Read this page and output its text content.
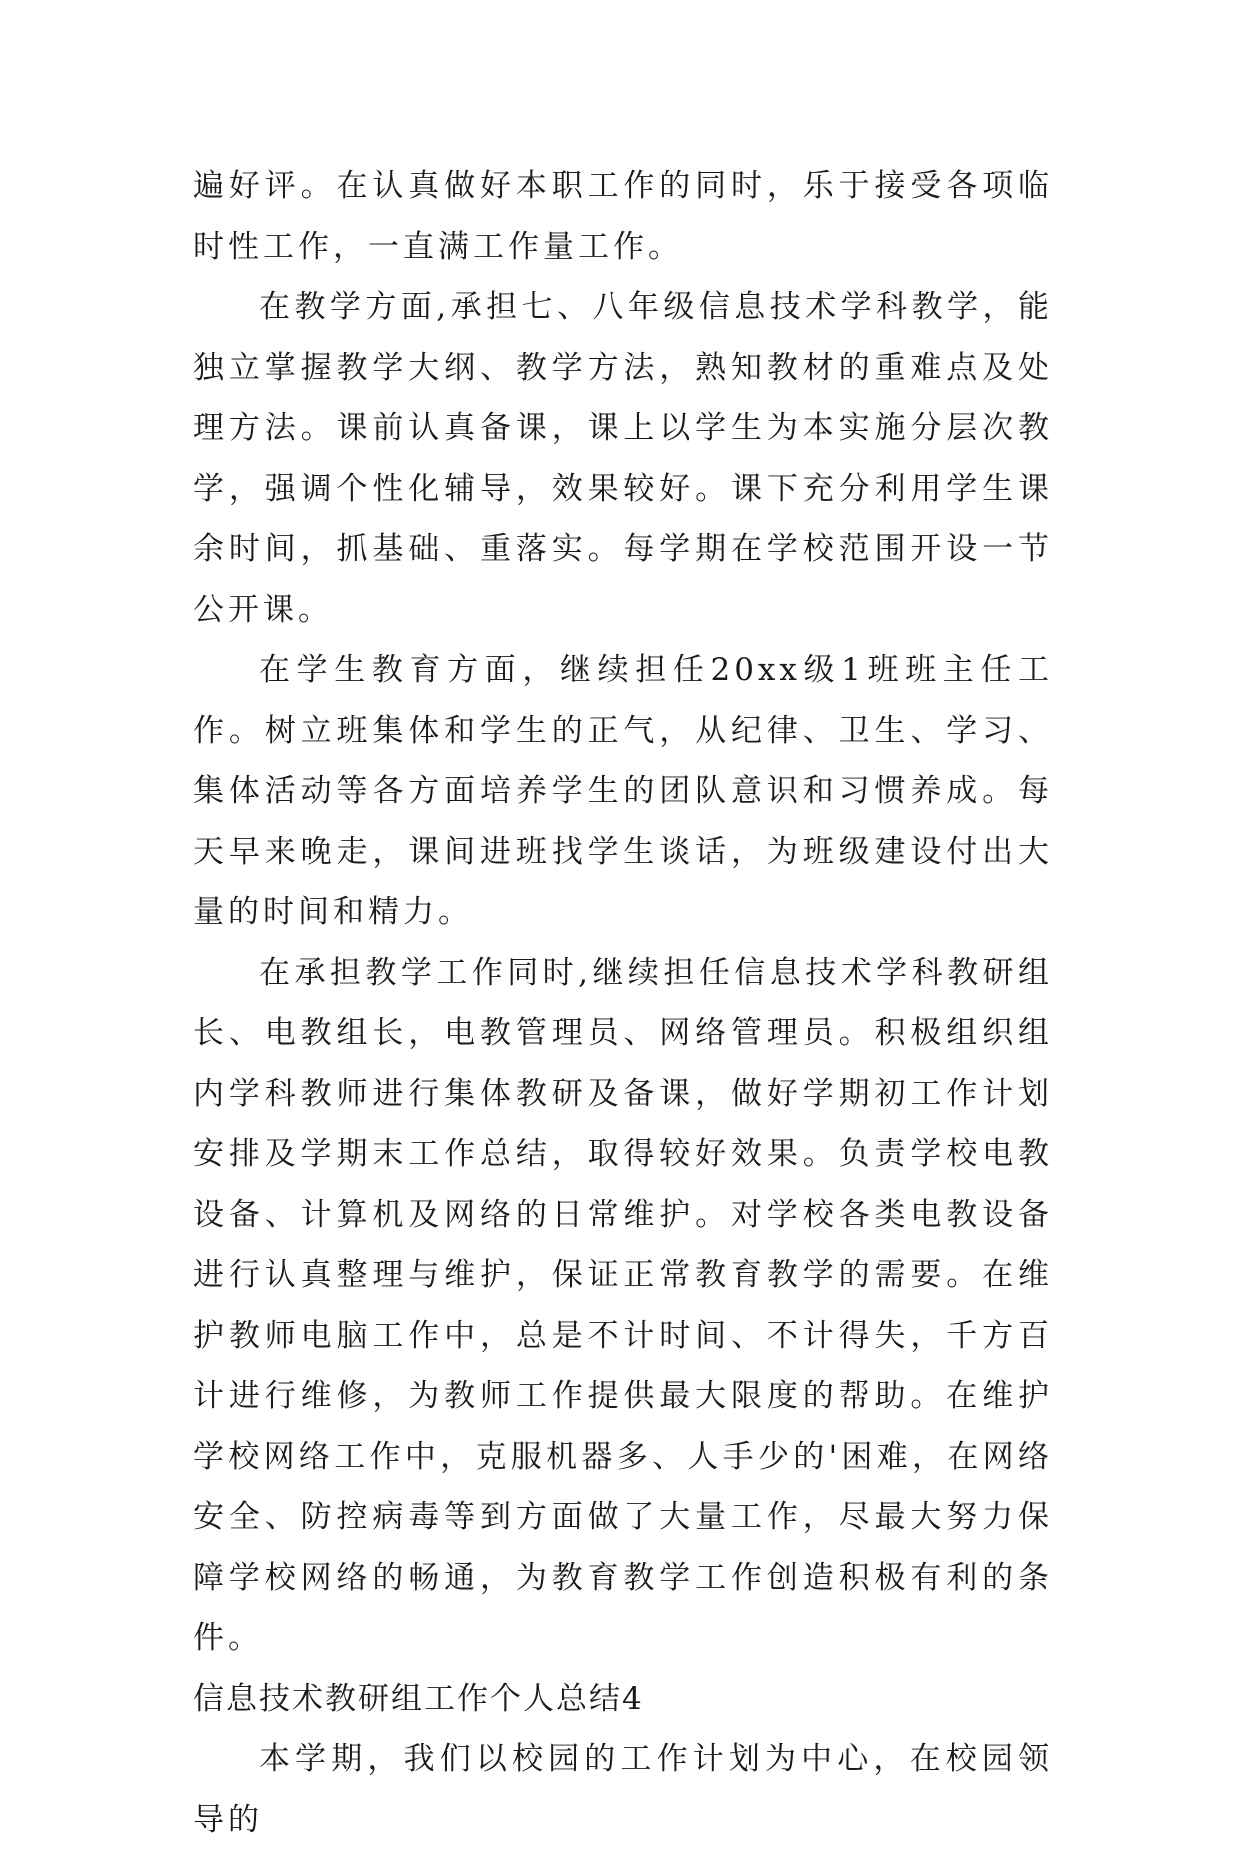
遍好评。在认真做好本职工作的同时，乐于接受各项临时性工作，一直满工作量工作。

在教学方面,承担七、八年级信息技术学科教学，能独立掌握教学大纲、教学方法，熟知教材的重难点及处理方法。课前认真备课，课上以学生为本实施分层次教学，强调个性化辅导，效果较好。课下充分利用学生课余时间，抓基础、重落实。每学期在学校范围开设一节公开课。

在学生教育方面，继续担任20xx级1班班主任工作。树立班集体和学生的正气，从纪律、卫生、学习、集体活动等各方面培养学生的团队意识和习惯养成。每天早来晚走，课间进班找学生谈话，为班级建设付出大量的时间和精力。

在承担教学工作同时,继续担任信息技术学科教研组长、电教组长，电教管理员、网络管理员。积极组织组内学科教师进行集体教研及备课，做好学期初工作计划安排及学期末工作总结，取得较好效果。负责学校电教设备、计算机及网络的日常维护。对学校各类电教设备进行认真整理与维护，保证正常教育教学的需要。在维护教师电脑工作中，总是不计时间、不计得失，千方百计进行维修，为教师工作提供最大限度的帮助。在维护学校网络工作中，克服机器多、人手少的'困难，在网络安全、防控病毒等到方面做了大量工作，尽最大努力保障学校网络的畅通，为教育教学工作创造积极有利的条件。

信息技术教研组工作个人总结4

本学期，我们以校园的工作计划为中心，在校园领导的
